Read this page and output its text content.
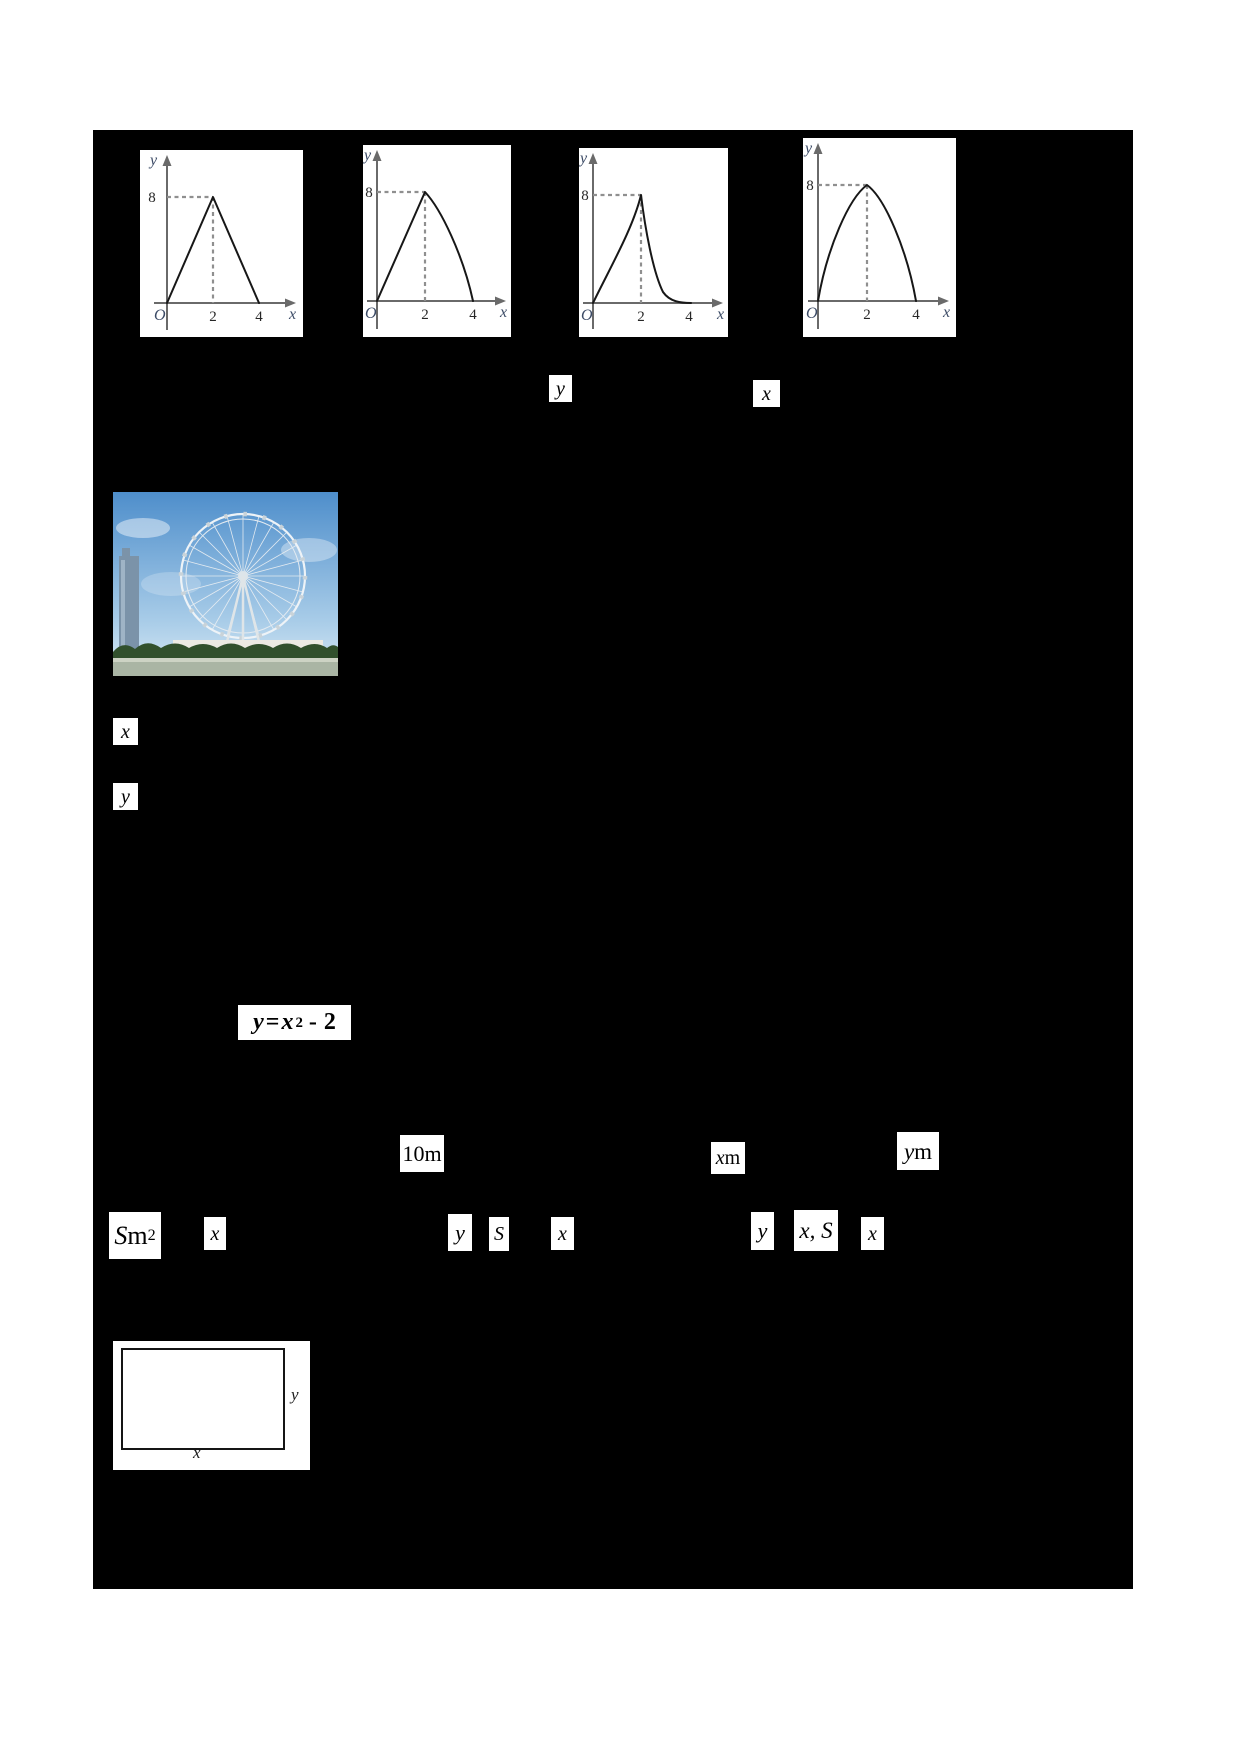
y
8
O	2	4 x
y
8
O	2	4 x
y
8
O	2	4 x
y
8
O	2	4 x
y	x
x
y
y = x 2 - 2
10 m	x m	y m
S m 2	x	y	S	x	y x, S	x
y
x
